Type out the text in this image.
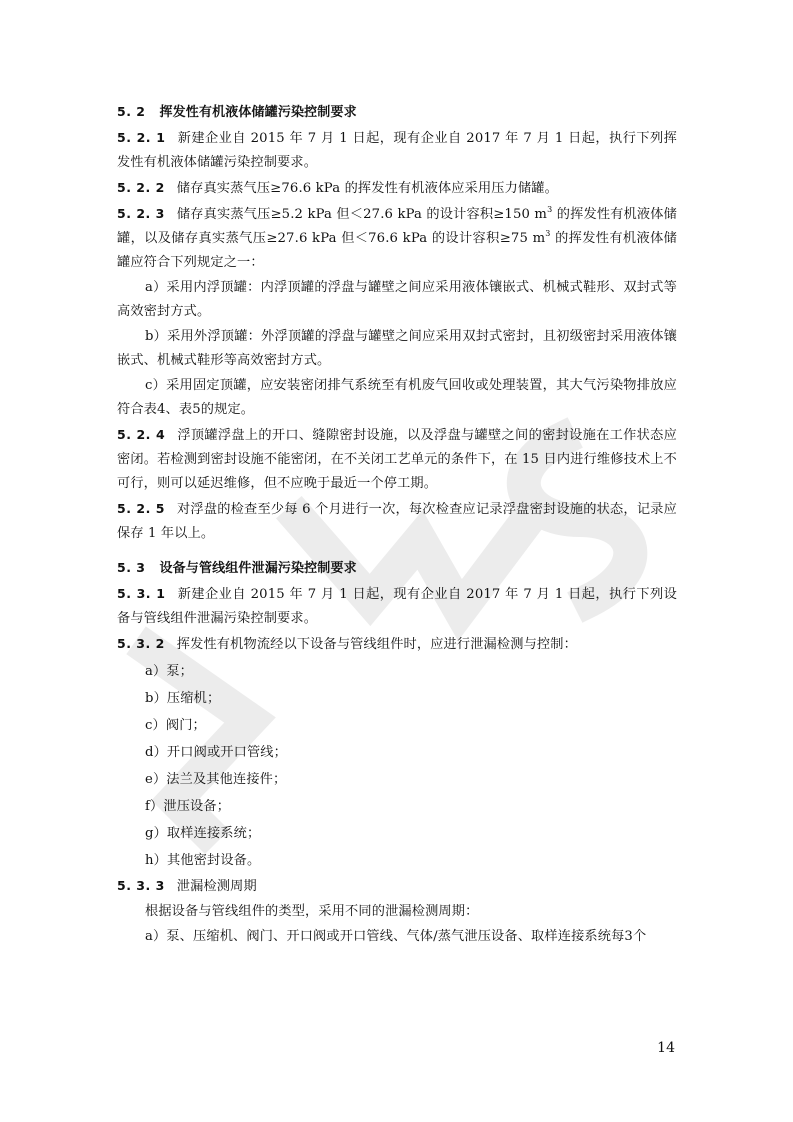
5. 2 挥发性有机液体储罐污染控制要求

5. 2. 1 新建企业自 2015 年 7 月 1 日起，现有企业自 2017 年 7 月 1 日起，执行下列挥发性有机液体储罐污染控制要求。

5. 2. 2 储存真实蒸气压≥76.6 kPa 的挥发性有机液体应采用压力储罐。

5. 2. 3 储存真实蒸气压≥5.2 kPa 但＜27.6 kPa 的设计容积≥150 $m^3$ 的挥发性有机液体储罐，以及储存真实蒸气压≥27.6 kPa 但＜76.6 kPa 的设计容积≥75 $m^3$ 的挥发性有机液体储罐应符合下列规定之一：

a）采用内浮顶罐：内浮顶罐的浮盘与罐壁之间应采用液体镶嵌式、机械式鞋形、双封式等高效密封方式。

b）采用外浮顶罐：外浮顶罐的浮盘与罐壁之间应采用双封式密封，且初级密封采用液体镶嵌式、机械式鞋形等高效密封方式。

c）采用固定顶罐，应安装密闭排气系统至有机废气回收或处理装置，其大气污染物排放应符合表4、表5的规定。

5. 2. 4 浮顶罐浮盘上的开口、缝隙密封设施，以及浮盘与罐壁之间的密封设施在工作状态应密闭。若检测到密封设施不能密闭，在不关闭工艺单元的条件下，在 15 日内进行维修技术上不可行，则可以延迟维修，但不应晚于最近一个停工期。

5. 2. 5 对浮盘的检查至少每 6 个月进行一次，每次检查应记录浮盘密封设施的状态，记录应保存 1 年以上。

5. 3 设备与管线组件泄漏污染控制要求

5. 3. 1 新建企业自 2015 年 7 月 1 日起，现有企业自 2017 年 7 月 1 日起，执行下列设备与管线组件泄漏污染控制要求。

5. 3. 2 挥发性有机物流经以下设备与管线组件时，应进行泄漏检测与控制：

a）泵；

b）压缩机；

c）阀门；

d）开口阀或开口管线；

e）法兰及其他连接件；

f）泄压设备；

g）取样连接系统；

h）其他密封设备。

5. 3. 3 泄漏检测周期

根据设备与管线组件的类型，采用不同的泄漏检测周期：

a）泵、压缩机、阀门、开口阀或开口管线、气体/蒸气泄压设备、取样连接系统每3个

14
